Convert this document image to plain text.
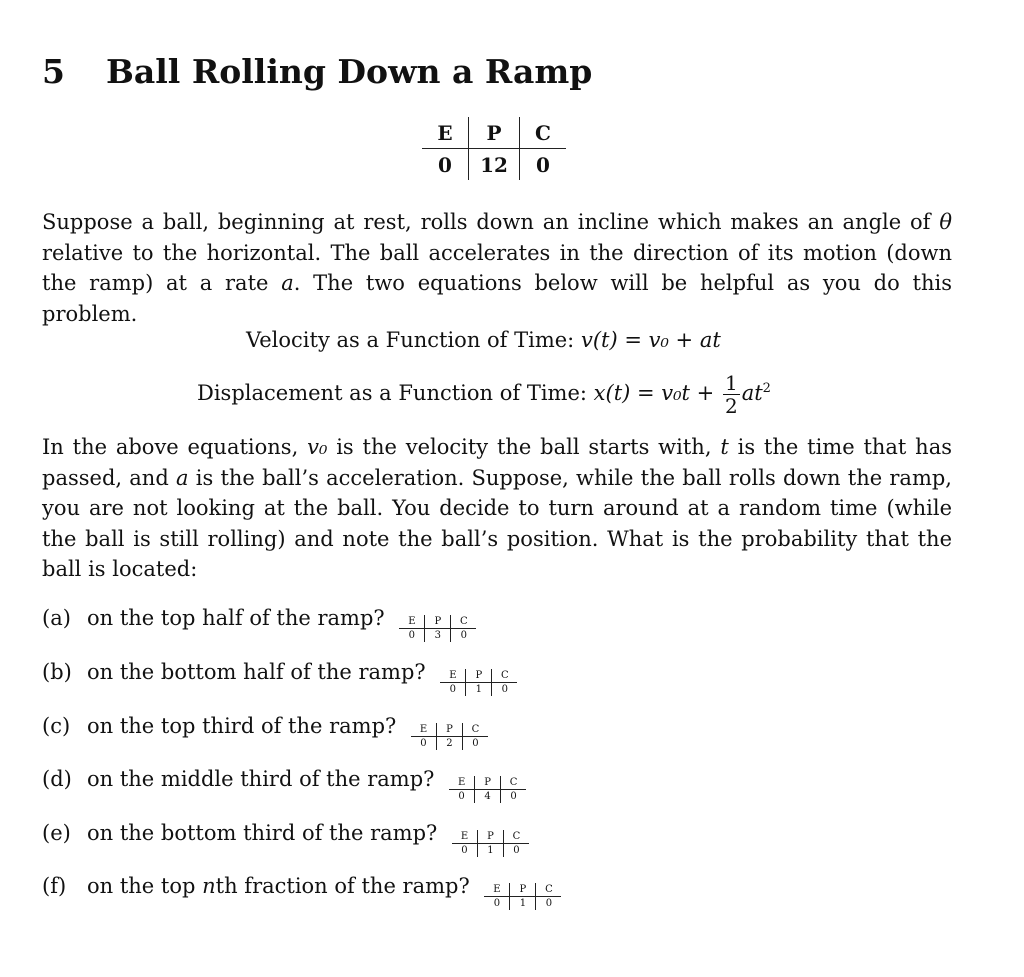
5 Ball Rolling Down a Ramp
E	P	C
0	12	0
Suppose a ball, beginning at rest, rolls down an incline which makes an angle of θ relative to the horizontal. The ball accelerates in the direction of its motion (down the ramp) at a rate a. The two equations below will be helpful as you do this problem.
Velocity as a Function of Time: v(t) = v₀ + at
Displacement as a Function of Time: $x(t) = v_0t + \frac{1}{2} at^2$
In the above equations, v₀ is the velocity the ball starts with, t is the time that has passed, and a is the ball’s acceleration. Suppose, while the ball rolls down the ramp, you are not looking at the ball. You decide to turn around at a random time (while the ball is still rolling) and note the ball’s position. What is the probability that the ball is located:
(a) on the top half of the ramp? E	P	C
0	3	0
(b) on the bottom half of the ramp? E	P	C
0	1	0
(c) on the top third of the ramp? E	P	C
0	2	0
(d) on the middle third of the ramp? E	P	C
0	4	0
(e) on the bottom third of the ramp? E	P	C
0	1	0
(f) on the top nth fraction of the ramp? E	P	C
0	1	0
